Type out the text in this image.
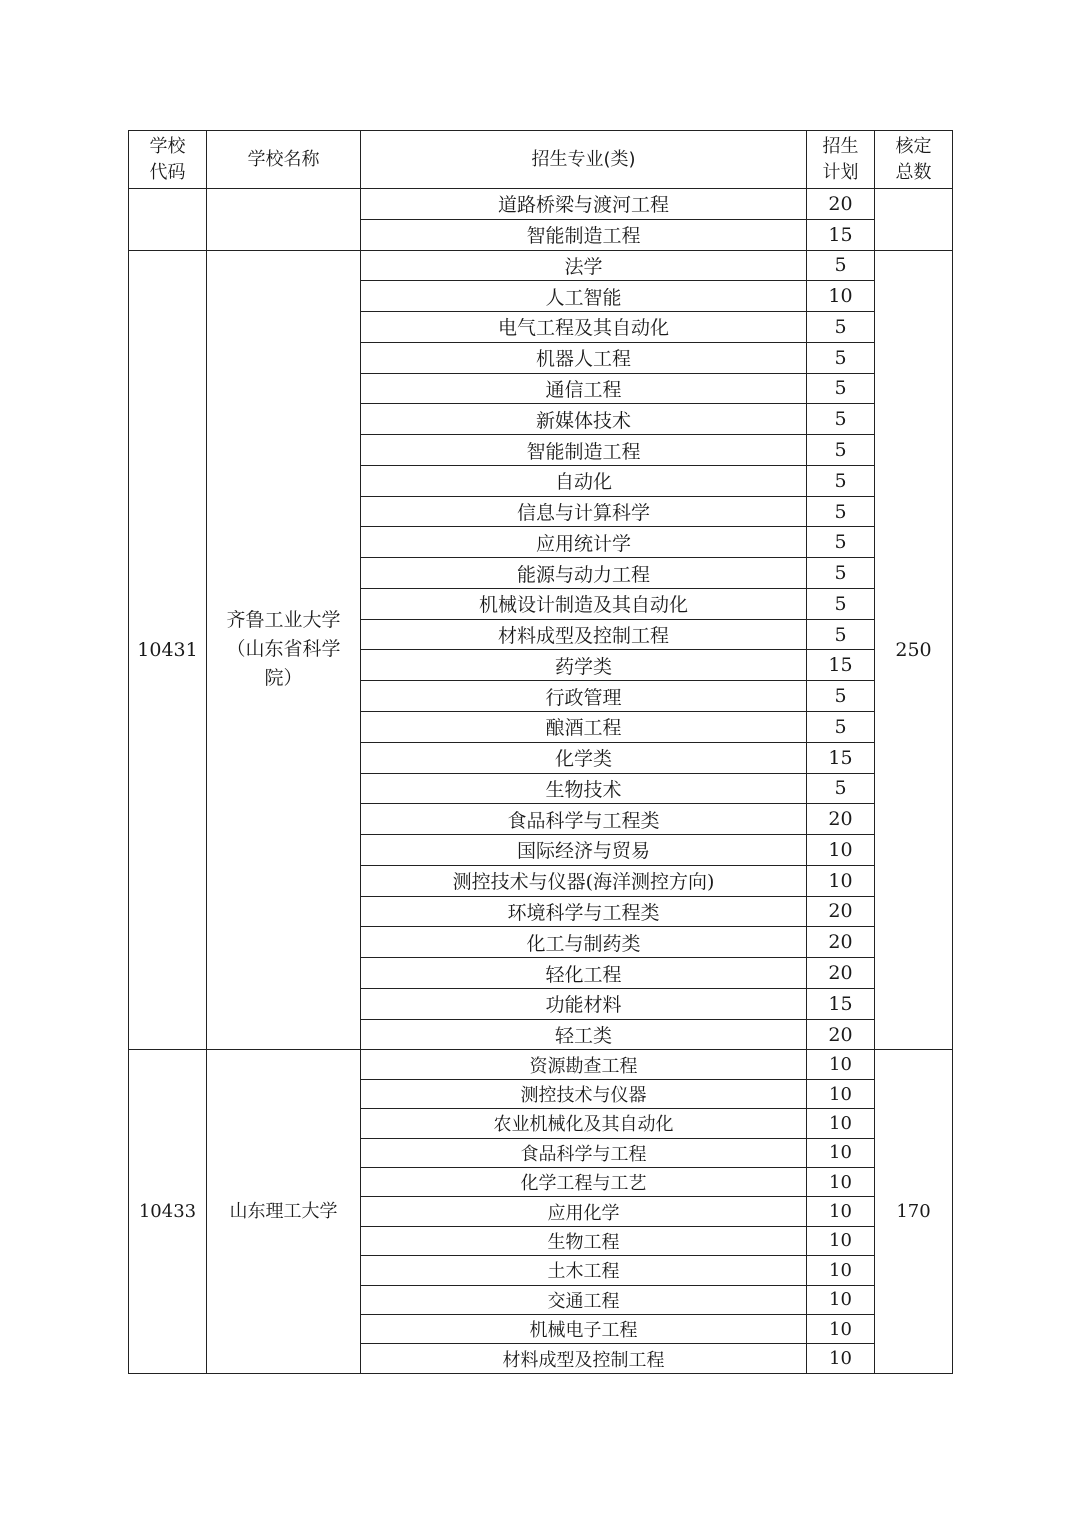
学校代码	学校名称	招生专业(类)	招生计划	核定总数
		道路桥梁与渡河工程	20	
		智能制造工程	15	
10431	齐鲁工业大学（山东省科学院）	法学	5	250
		人工智能	10	
		电气工程及其自动化	5	
		机器人工程	5	
		通信工程	5	
		新媒体技术	5	
		智能制造工程	5	
		自动化	5	
		信息与计算科学	5	
		应用统计学	5	
		能源与动力工程	5	
		机械设计制造及其自动化	5	
		材料成型及控制工程	5	
		药学类	15	
		行政管理	5	
		酿酒工程	5	
		化学类	15	
		生物技术	5	
		食品科学与工程类	20	
		国际经济与贸易	10	
		测控技术与仪器(海洋测控方向)	10	
		环境科学与工程类	20	
		化工与制药类	20	
		轻化工程	20	
		功能材料	15	
		轻工类	20	
10433	山东理工大学	资源勘查工程	10	170
		测控技术与仪器	10	
		农业机械化及其自动化	10	
		食品科学与工程	10	
		化学工程与工艺	10	
		应用化学	10	
		生物工程	10	
		土木工程	10	
		交通工程	10	
		机械电子工程	10	
		材料成型及控制工程	10	
